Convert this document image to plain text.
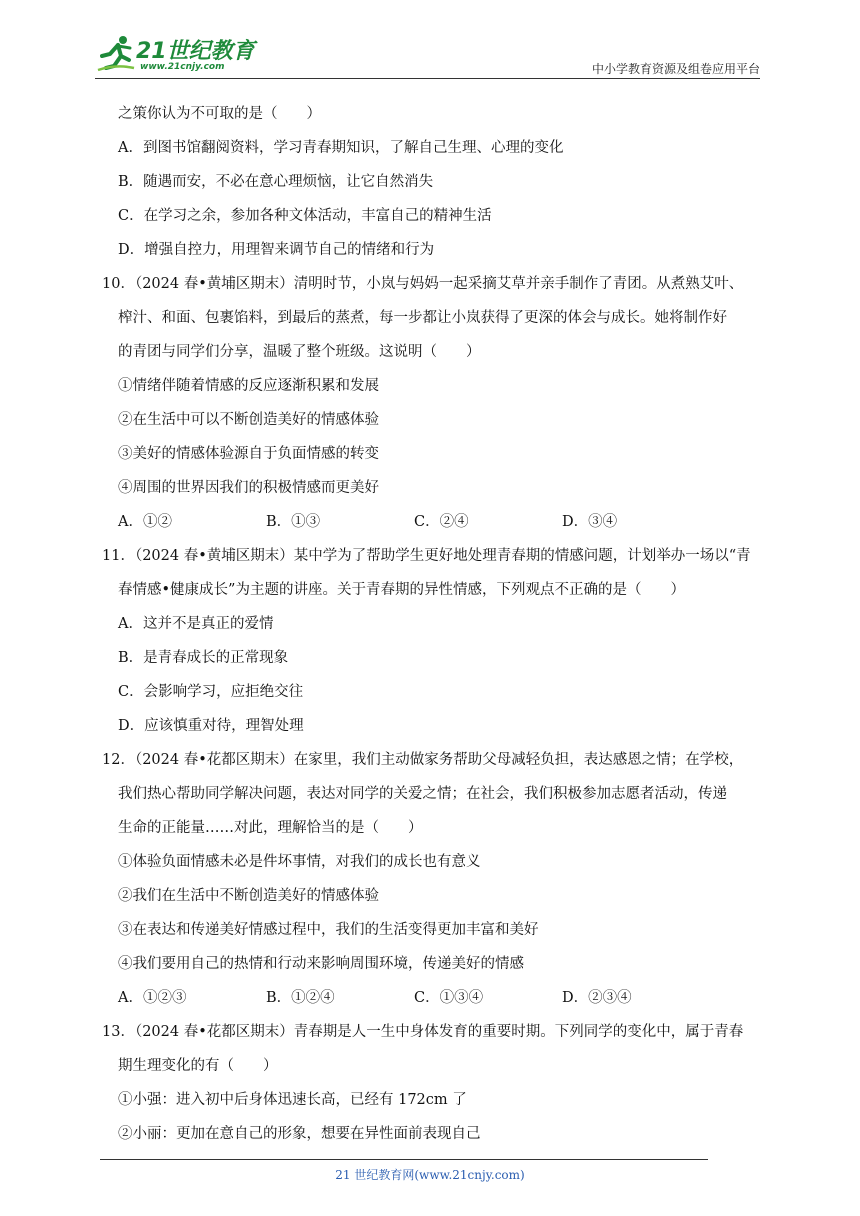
21世纪教育
www.21cnjy.com	中小学教育资源及组卷应用平台
之策你认为不可取的是（　　）
A．到图书馆翻阅资料，学习青春期知识，了解自己生理、心理的变化
B．随遇而安，不必在意心理烦恼，让它自然消失
C．在学习之余，参加各种文体活动，丰富自己的精神生活
D．增强自控力，用理智来调节自己的情绪和行为
10．（2024 春•黄埔区期末）清明时节，小岚与妈妈一起采摘艾草并亲手制作了青团。从煮熟艾叶、
榨汁、和面、包裹馅料，到最后的蒸煮，每一步都让小岚获得了更深的体会与成长。她将制作好
的青团与同学们分享，温暖了整个班级。这说明（　　）
①情绪伴随着情感的反应逐渐积累和发展
②在生活中可以不断创造美好的情感体验
③美好的情感体验源自于负面情感的转变
④周围的世界因我们的积极情感而更美好
A．①②	B．①③	C．②④	D．③④
11．（2024 春•黄埔区期末）某中学为了帮助学生更好地处理青春期的情感问题，计划举办一场以“青
春情感•健康成长”为主题的讲座。关于青春期的异性情感，下列观点不正确的是（　　）
A．这并不是真正的爱情
B．是青春成长的正常现象
C．会影响学习，应拒绝交往
D．应该慎重对待，理智处理
12．（2024 春•花都区期末）在家里，我们主动做家务帮助父母减轻负担，表达感恩之情；在学校，
我们热心帮助同学解决问题，表达对同学的关爱之情；在社会，我们积极参加志愿者活动，传递
生命的正能量……对此，理解恰当的是（　　）
①体验负面情感未必是件坏事情，对我们的成长也有意义
②我们在生活中不断创造美好的情感体验
③在表达和传递美好情感过程中，我们的生活变得更加丰富和美好
④我们要用自己的热情和行动来影响周围环境，传递美好的情感
A．①②③	B．①②④	C．①③④	D．②③④
13．（2024 春•花都区期末）青春期是人一生中身体发育的重要时期。下列同学的变化中，属于青春
期生理变化的有（　　）
①小强：进入初中后身体迅速长高，已经有 172cm 了
②小丽：更加在意自己的形象，想要在异性面前表现自己
21 世纪教育网(www.21cnjy.com)
